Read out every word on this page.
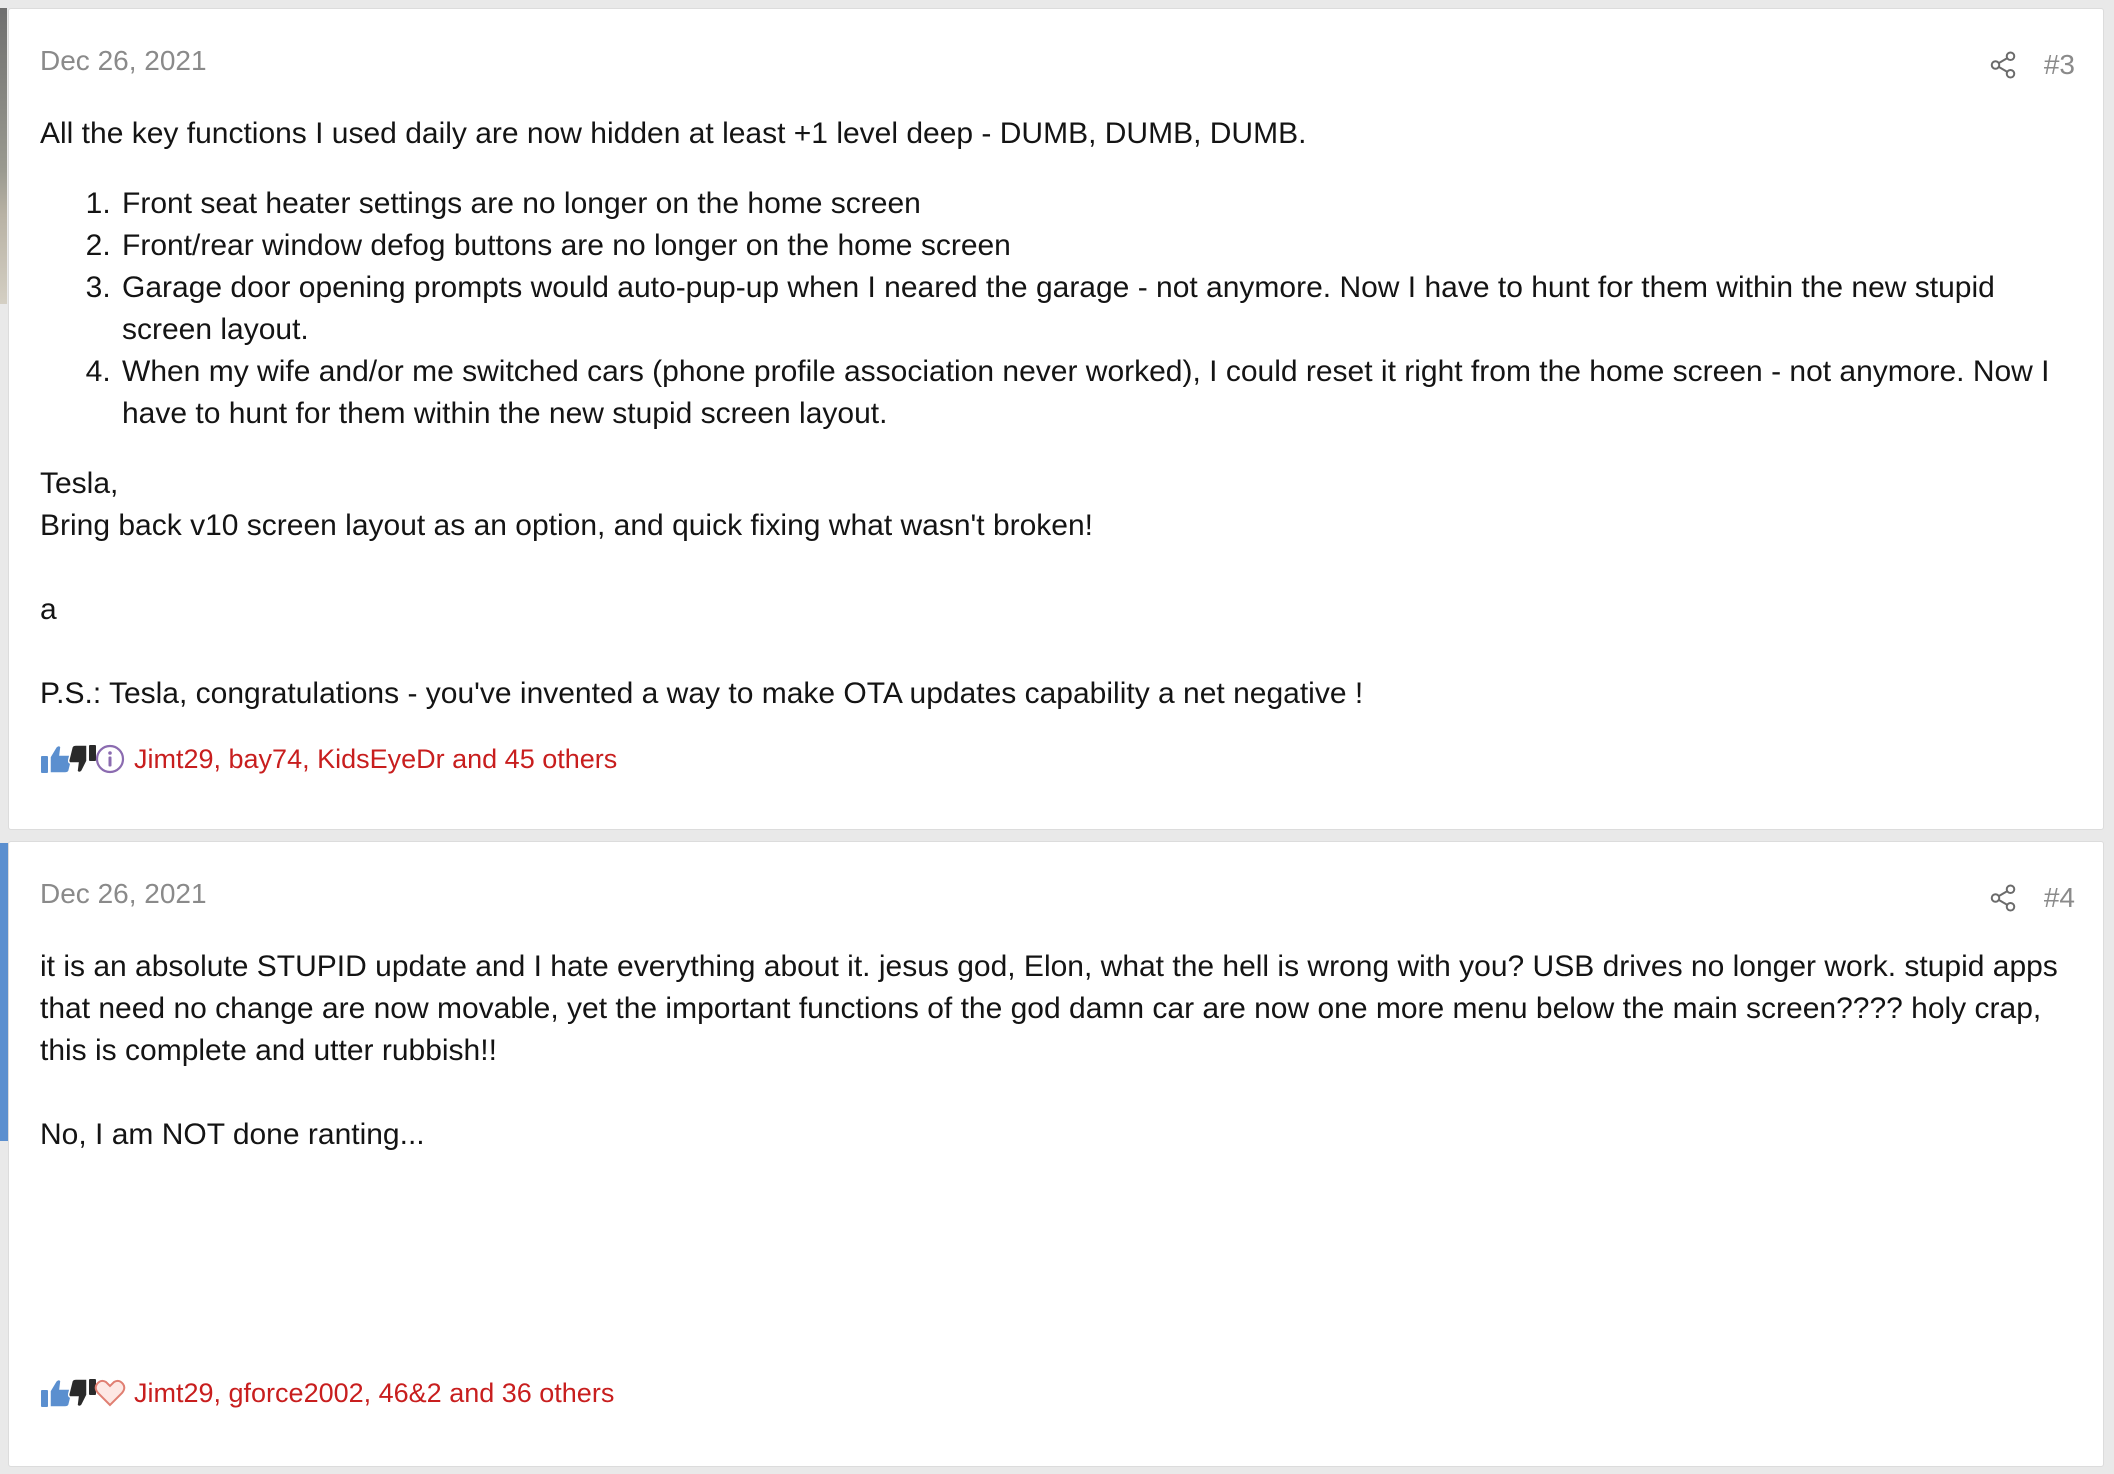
Dec 26, 2021	#3

All the key functions I used daily are now hidden at least +1 level deep - DUMB, DUMB, DUMB.

1. Front seat heater settings are no longer on the home screen
2. Front/rear window defog buttons are no longer on the home screen
3. Garage door opening prompts would auto-pup-up when I neared the garage - not anymore. Now I have to hunt for them within the new stupid screen layout.
4. When my wife and/or me switched cars (phone profile association never worked), I could reset it right from the home screen - not anymore. Now I have to hunt for them within the new stupid screen layout.

Tesla,

Bring back v10 screen layout as an option, and quick fixing what wasn't broken!

a

P.S.: Tesla, congratulations - you've invented a way to make OTA updates capability a net negative !

Jimt29, bay74, KidsEyeDr and 45 others
Dec 26, 2021	#4

it is an absolute STUPID update and I hate everything about it. jesus god, Elon, what the hell is wrong with you? USB drives no longer work. stupid apps that need no change are now movable, yet the important functions of the god damn car are now one more menu below the main screen???? holy crap, this is complete and utter rubbish!!

No, I am NOT done ranting...

Jimt29, gforce2002, 46&2 and 36 others
